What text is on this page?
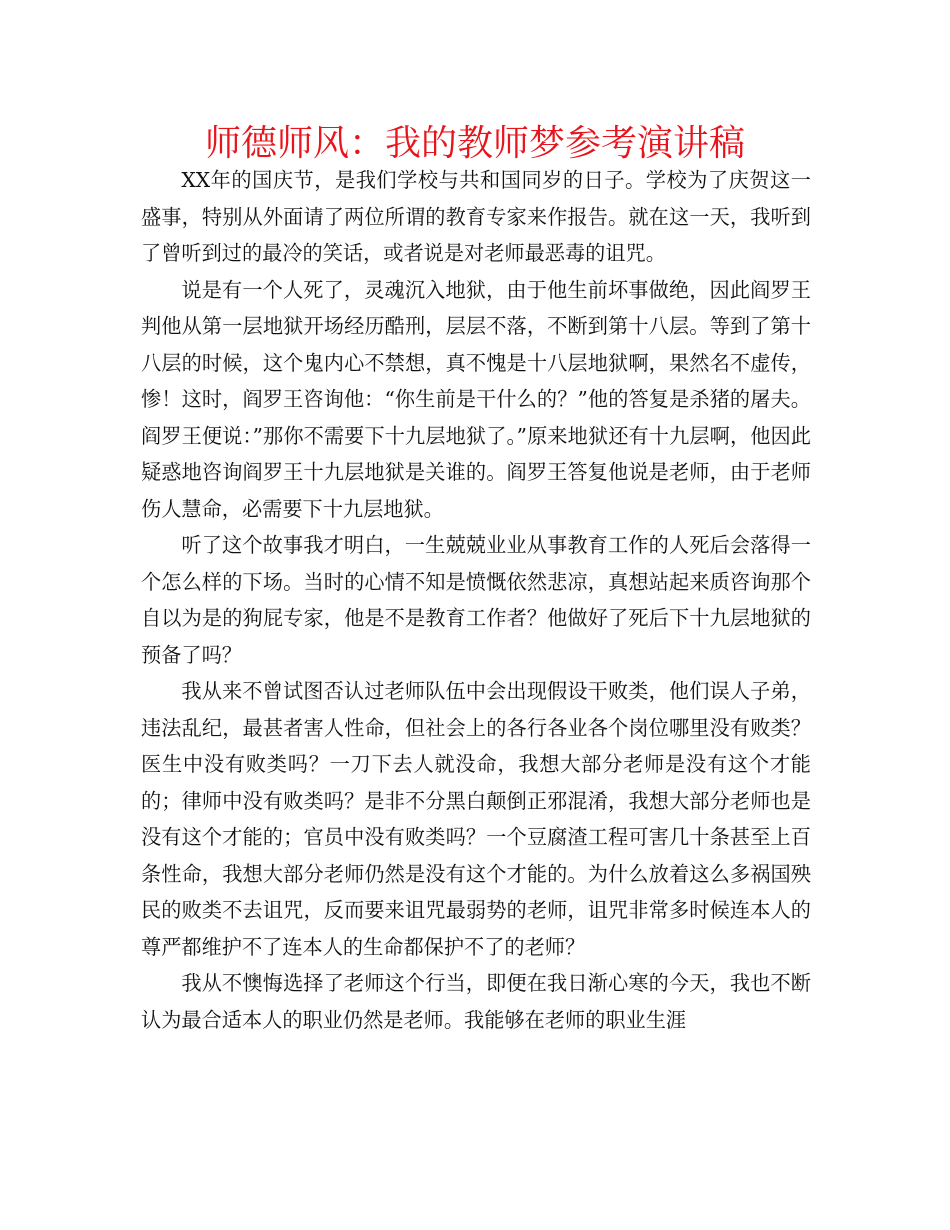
师德师风：我的教师梦参考演讲稿

XX年的国庆节，是我们学校与共和国同岁的日子。学校为了庆贺这一盛事，特别从外面请了两位所谓的教育专家来作报告。就在这一天，我听到了曾听到过的最冷的笑话，或者说是对老师最恶毒的诅咒。

说是有一个人死了，灵魂沉入地狱，由于他生前坏事做绝，因此阎罗王判他从第一层地狱开场经历酷刑，层层不落，不断到第十八层。等到了第十八层的时候，这个鬼内心不禁想，真不愧是十八层地狱啊，果然名不虚传，惨！这时，阎罗王咨询他：“你生前是干什么的？”他的答复是杀猪的屠夫。阎罗王便说：”那你不需要下十九层地狱了。”原来地狱还有十九层啊，他因此疑惑地咨询阎罗王十九层地狱是关谁的。阎罗王答复他说是老师，由于老师伤人慧命，必需要下十九层地狱。

听了这个故事我才明白，一生兢兢业业从事教育工作的人死后会落得一个怎么样的下场。当时的心情不知是愤慨依然悲凉，真想站起来质咨询那个自以为是的狗屁专家，他是不是教育工作者？他做好了死后下十九层地狱的预备了吗？

我从来不曾试图否认过老师队伍中会出现假设干败类，他们误人子弟，违法乱纪，最甚者害人性命，但社会上的各行各业各个岗位哪里没有败类？医生中没有败类吗？一刀下去人就没命，我想大部分老师是没有这个才能的；律师中没有败类吗？是非不分黑白颠倒正邪混淆，我想大部分老师也是没有这个才能的；官员中没有败类吗？一个豆腐渣工程可害几十条甚至上百条性命，我想大部分老师仍然是没有这个才能的。为什么放着这么多祸国殃民的败类不去诅咒，反而要来诅咒最弱势的老师，诅咒非常多时候连本人的尊严都维护不了连本人的生命都保护不了的老师？

我从不懊悔选择了老师这个行当，即便在我日渐心寒的今天，我也不断认为最合适本人的职业仍然是老师。我能够在老师的职业生涯
